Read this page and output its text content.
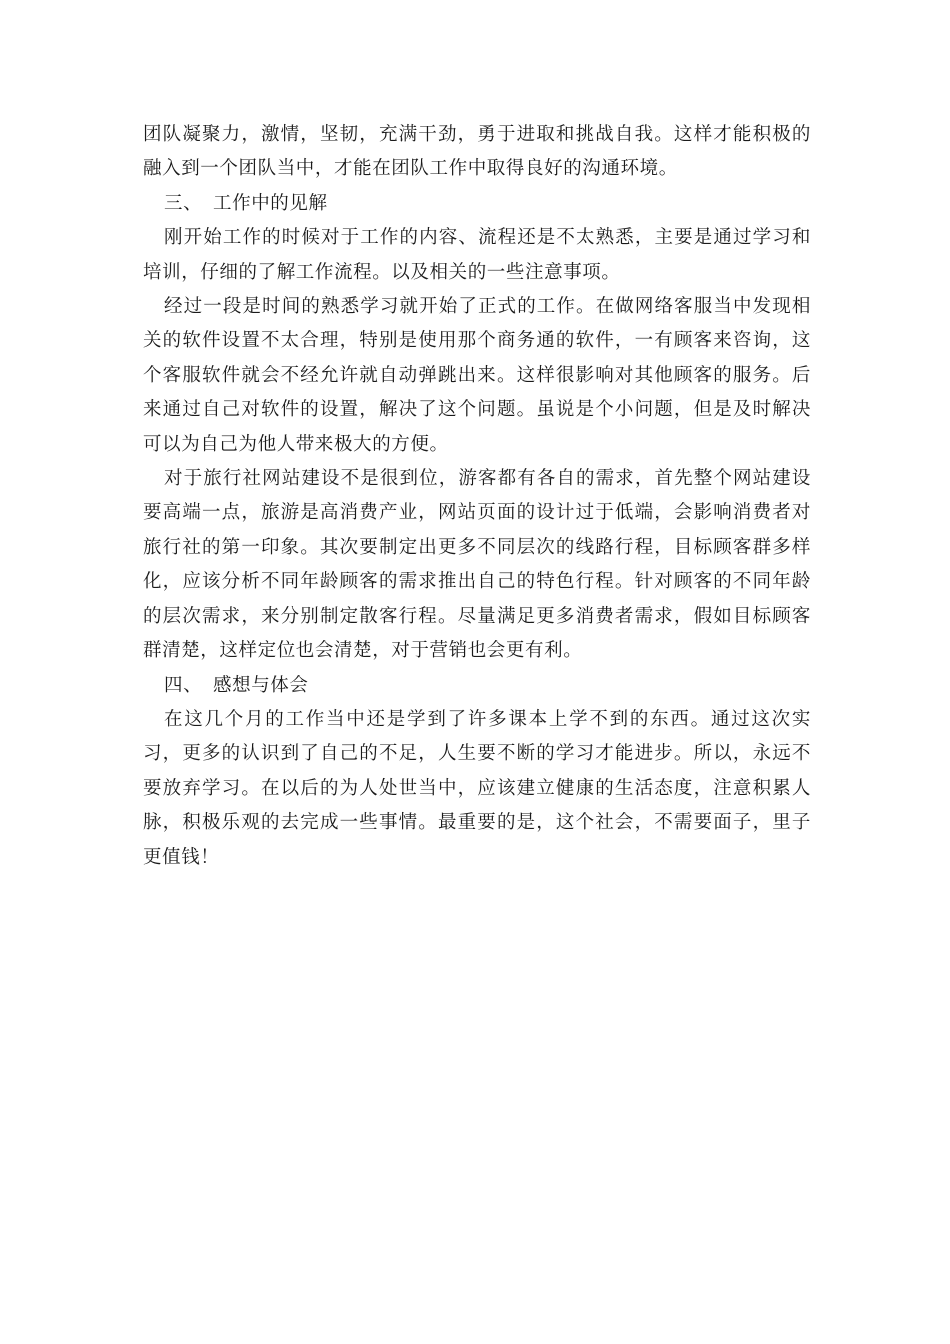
团队凝聚力，激情，坚韧，充满干劲，勇于进取和挑战自我。这样才能积极的融入到一个团队当中，才能在团队工作中取得良好的沟通环境。

三、 工作中的见解

刚开始工作的时候对于工作的内容、流程还是不太熟悉，主要是通过学习和培训，仔细的了解工作流程。以及相关的一些注意事项。

经过一段是时间的熟悉学习就开始了正式的工作。在做网络客服当中发现相关的软件设置不太合理，特别是使用那个商务通的软件，一有顾客来咨询，这个客服软件就会不经允许就自动弹跳出来。这样很影响对其他顾客的服务。后来通过自己对软件的设置，解决了这个问题。虽说是个小问题，但是及时解决可以为自己为他人带来极大的方便。

对于旅行社网站建设不是很到位，游客都有各自的需求，首先整个网站建设要高端一点，旅游是高消费产业，网站页面的设计过于低端，会影响消费者对旅行社的第一印象。其次要制定出更多不同层次的线路行程，目标顾客群多样化，应该分析不同年龄顾客的需求推出自己的特色行程。针对顾客的不同年龄的层次需求，来分别制定散客行程。尽量满足更多消费者需求，假如目标顾客群清楚，这样定位也会清楚，对于营销也会更有利。

四、 感想与体会

在这几个月的工作当中还是学到了许多课本上学不到的东西。通过这次实习，更多的认识到了自己的不足，人生要不断的学习才能进步。所以，永远不要放弃学习。在以后的为人处世当中，应该建立健康的生活态度，注意积累人脉，积极乐观的去完成一些事情。最重要的是，这个社会，不需要面子，里子更值钱！
